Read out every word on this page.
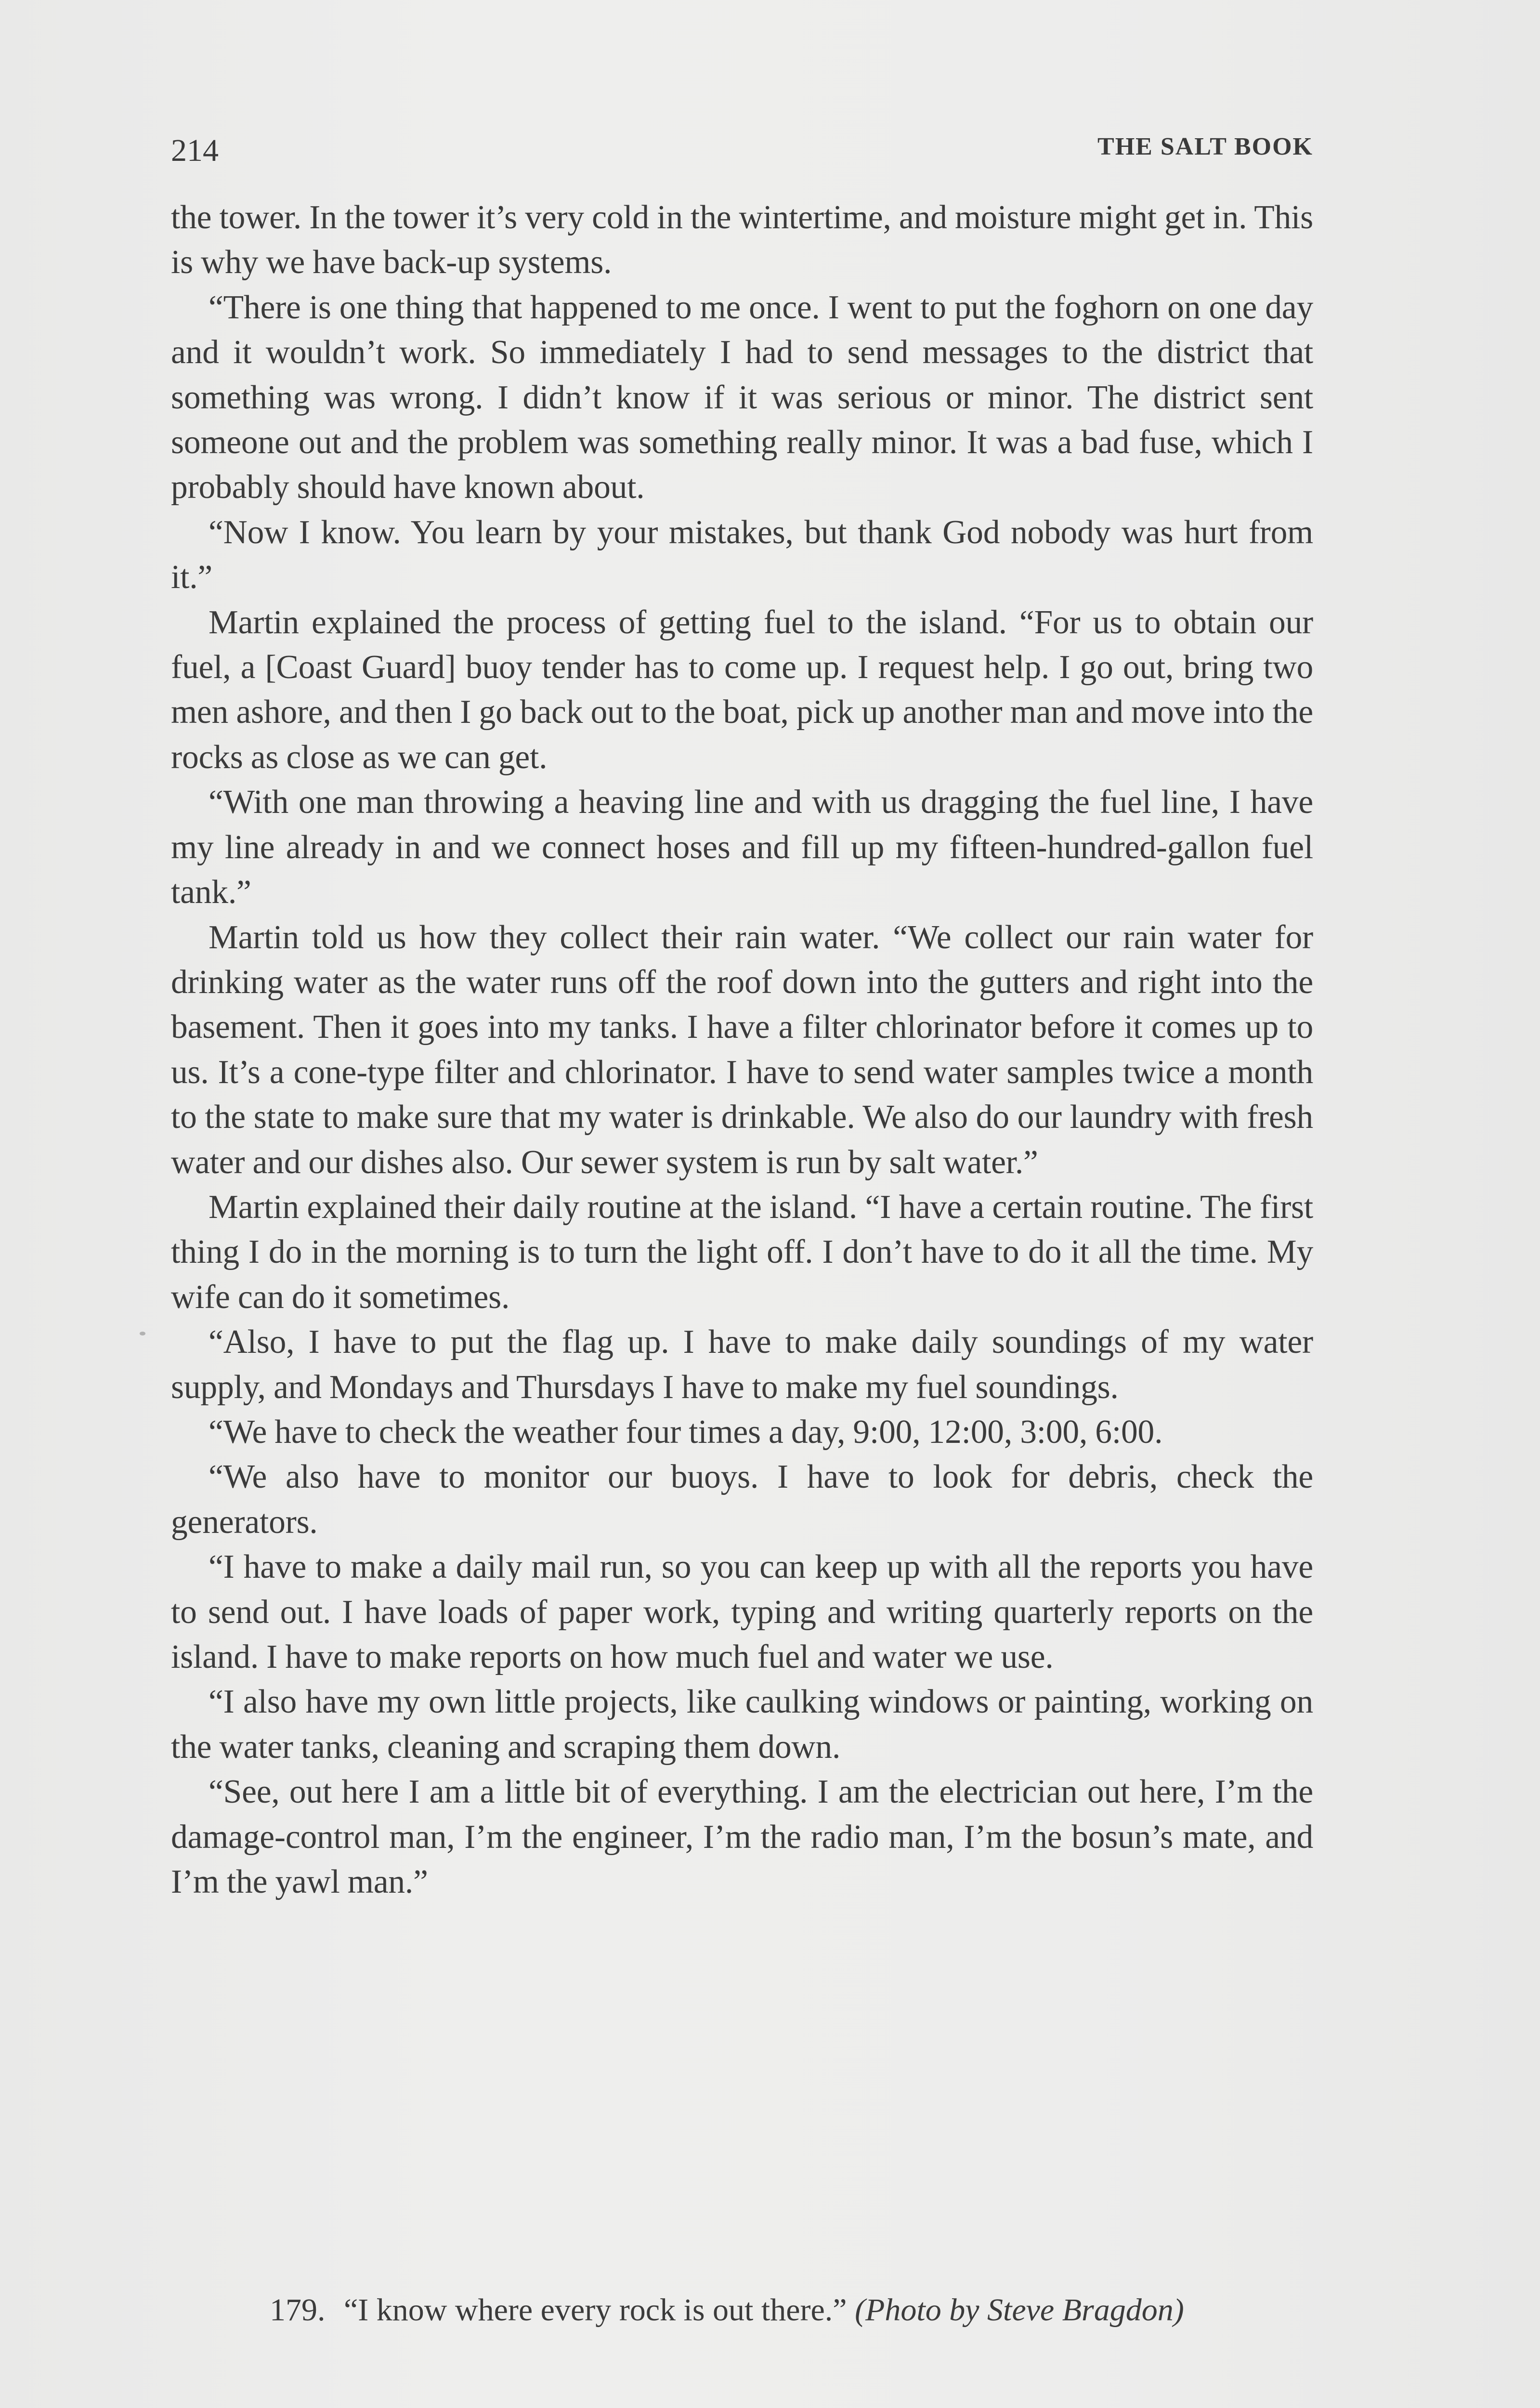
214	THE SALT BOOK

the tower. In the tower it’s very cold in the wintertime, and moisture might get in. This is why we have back-up systems.

“There is one thing that happened to me once. I went to put the foghorn on one day and it wouldn’t work. So immediately I had to send messages to the district that something was wrong. I didn’t know if it was serious or minor. The district sent someone out and the problem was something really minor. It was a bad fuse, which I probably should have known about.

“Now I know. You learn by your mistakes, but thank God nobody was hurt from it.”

Martin explained the process of getting fuel to the island. “For us to obtain our fuel, a [Coast Guard] buoy tender has to come up. I request help. I go out, bring two men ashore, and then I go back out to the boat, pick up another man and move into the rocks as close as we can get.

“With one man throwing a heaving line and with us dragging the fuel line, I have my line already in and we connect hoses and fill up my fifteen-hundred-gallon fuel tank.”

Martin told us how they collect their rain water. “We collect our rain water for drinking water as the water runs off the roof down into the gutters and right into the basement. Then it goes into my tanks. I have a filter chlorinator before it comes up to us. It’s a cone-type filter and chlorinator. I have to send water samples twice a month to the state to make sure that my water is drinkable. We also do our laundry with fresh water and our dishes also. Our sewer system is run by salt water.”

Martin explained their daily routine at the island. “I have a certain routine. The first thing I do in the morning is to turn the light off. I don’t have to do it all the time. My wife can do it sometimes.

“Also, I have to put the flag up. I have to make daily soundings of my water supply, and Mondays and Thursdays I have to make my fuel soundings.

“We have to check the weather four times a day, 9:00, 12:00, 3:00, 6:00.

“We also have to monitor our buoys. I have to look for debris, check the generators.

“I have to make a daily mail run, so you can keep up with all the reports you have to send out. I have loads of paper work, typing and writing quarterly reports on the island. I have to make reports on how much fuel and water we use.

“I also have my own little projects, like caulking windows or painting, working on the water tanks, cleaning and scraping them down.

“See, out here I am a little bit of everything. I am the electrician out here, I’m the damage-control man, I’m the engineer, I’m the radio man, I’m the bosun’s mate, and I’m the yawl man.”

179. “I know where every rock is out there.” (Photo by Steve Bragdon)
